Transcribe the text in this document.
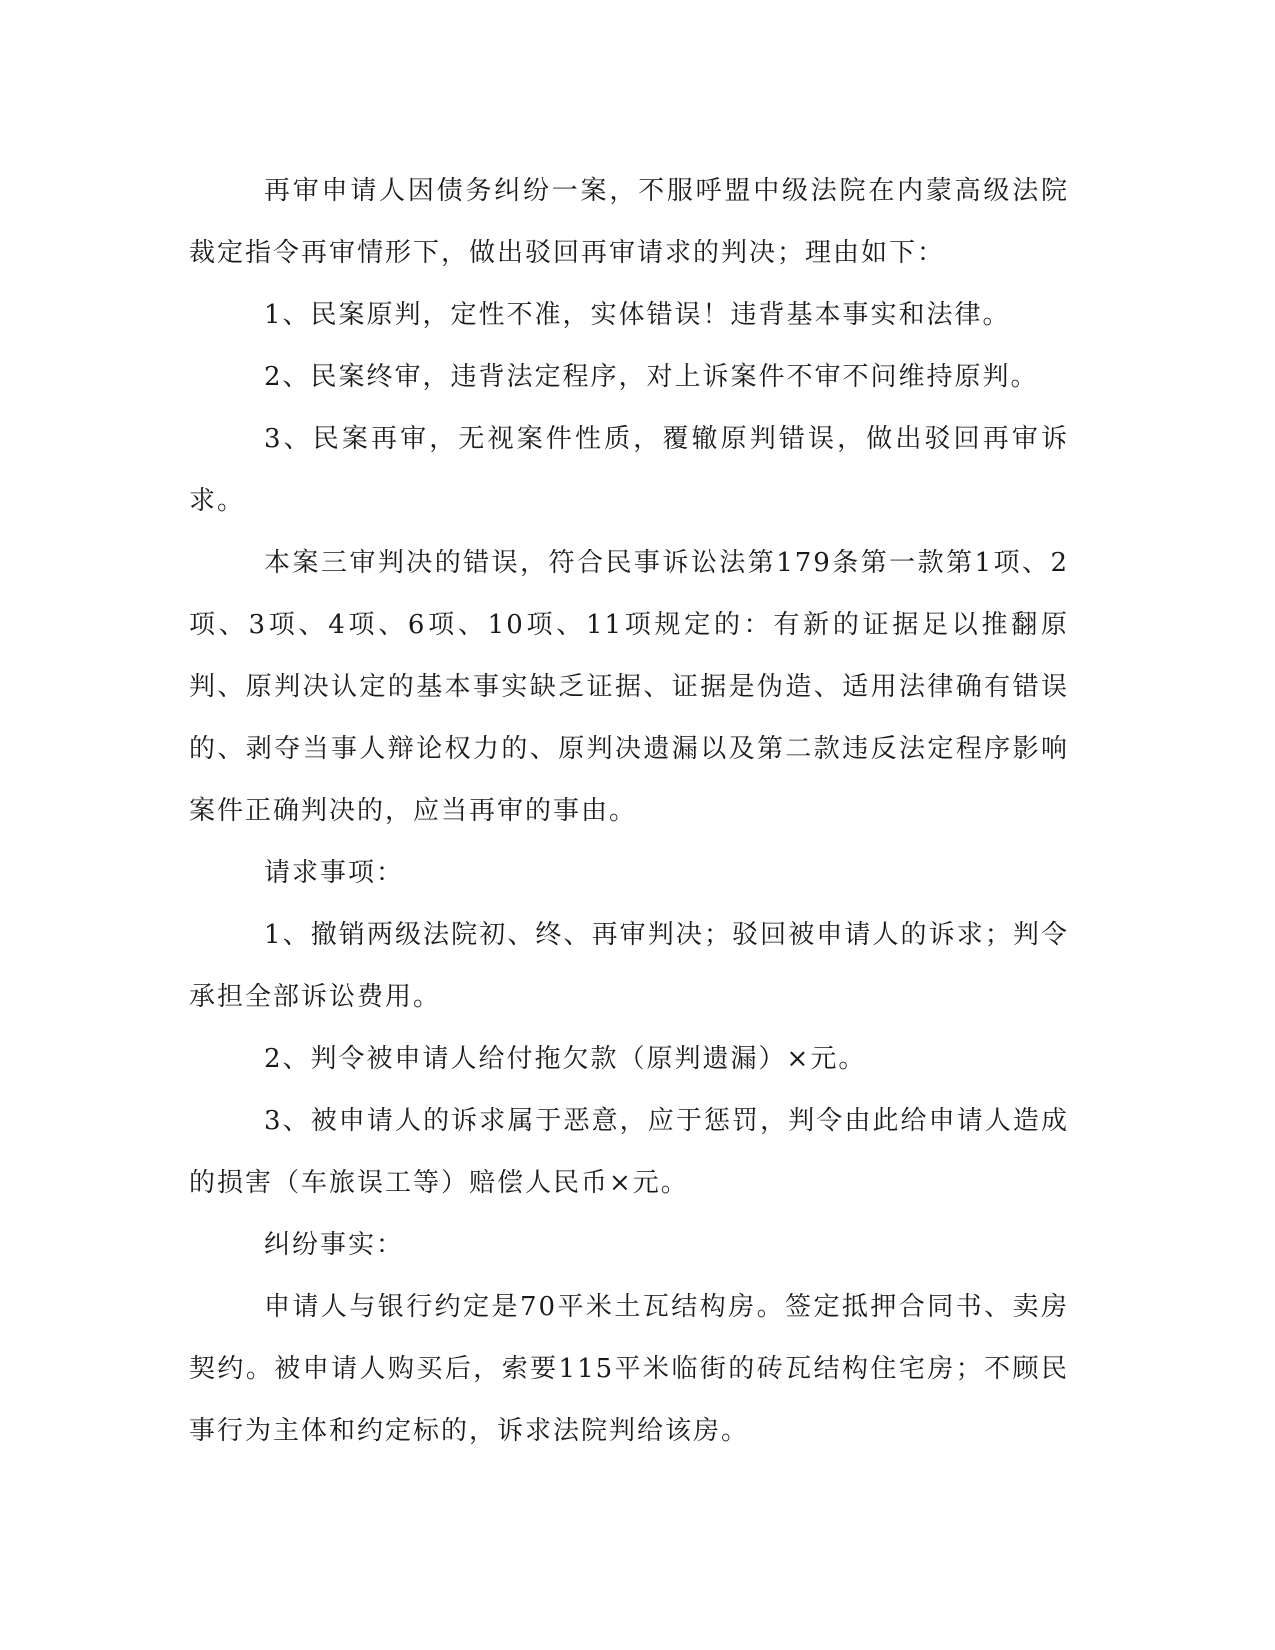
再审申请人因债务纠纷一案，不服呼盟中级法院在内蒙高级法院裁定指令再审情形下，做出驳回再审请求的判决；理由如下：

1、民案原判，定性不准，实体错误！违背基本事实和法律。

2、民案终审，违背法定程序，对上诉案件不审不问维持原判。

3、民案再审，无视案件性质，覆辙原判错误，做出驳回再审诉求。

本案三审判决的错误，符合民事诉讼法第179条第一款第1项、2项、3项、4项、6项、10项、11项规定的：有新的证据足以推翻原判、原判决认定的基本事实缺乏证据、证据是伪造、适用法律确有错误的、剥夺当事人辩论权力的、原判决遗漏以及第二款违反法定程序影响案件正确判决的，应当再审的事由。

请求事项：

1、撤销两级法院初、终、再审判决；驳回被申请人的诉求；判令承担全部诉讼费用。

2、判令被申请人给付拖欠款（原判遗漏）×元。

3、被申请人的诉求属于恶意，应于惩罚，判令由此给申请人造成的损害（车旅误工等）赔偿人民币×元。

纠纷事实：

申请人与银行约定是70平米土瓦结构房。签定抵押合同书、卖房契约。被申请人购买后，索要115平米临街的砖瓦结构住宅房；不顾民事行为主体和约定标的，诉求法院判给该房。
